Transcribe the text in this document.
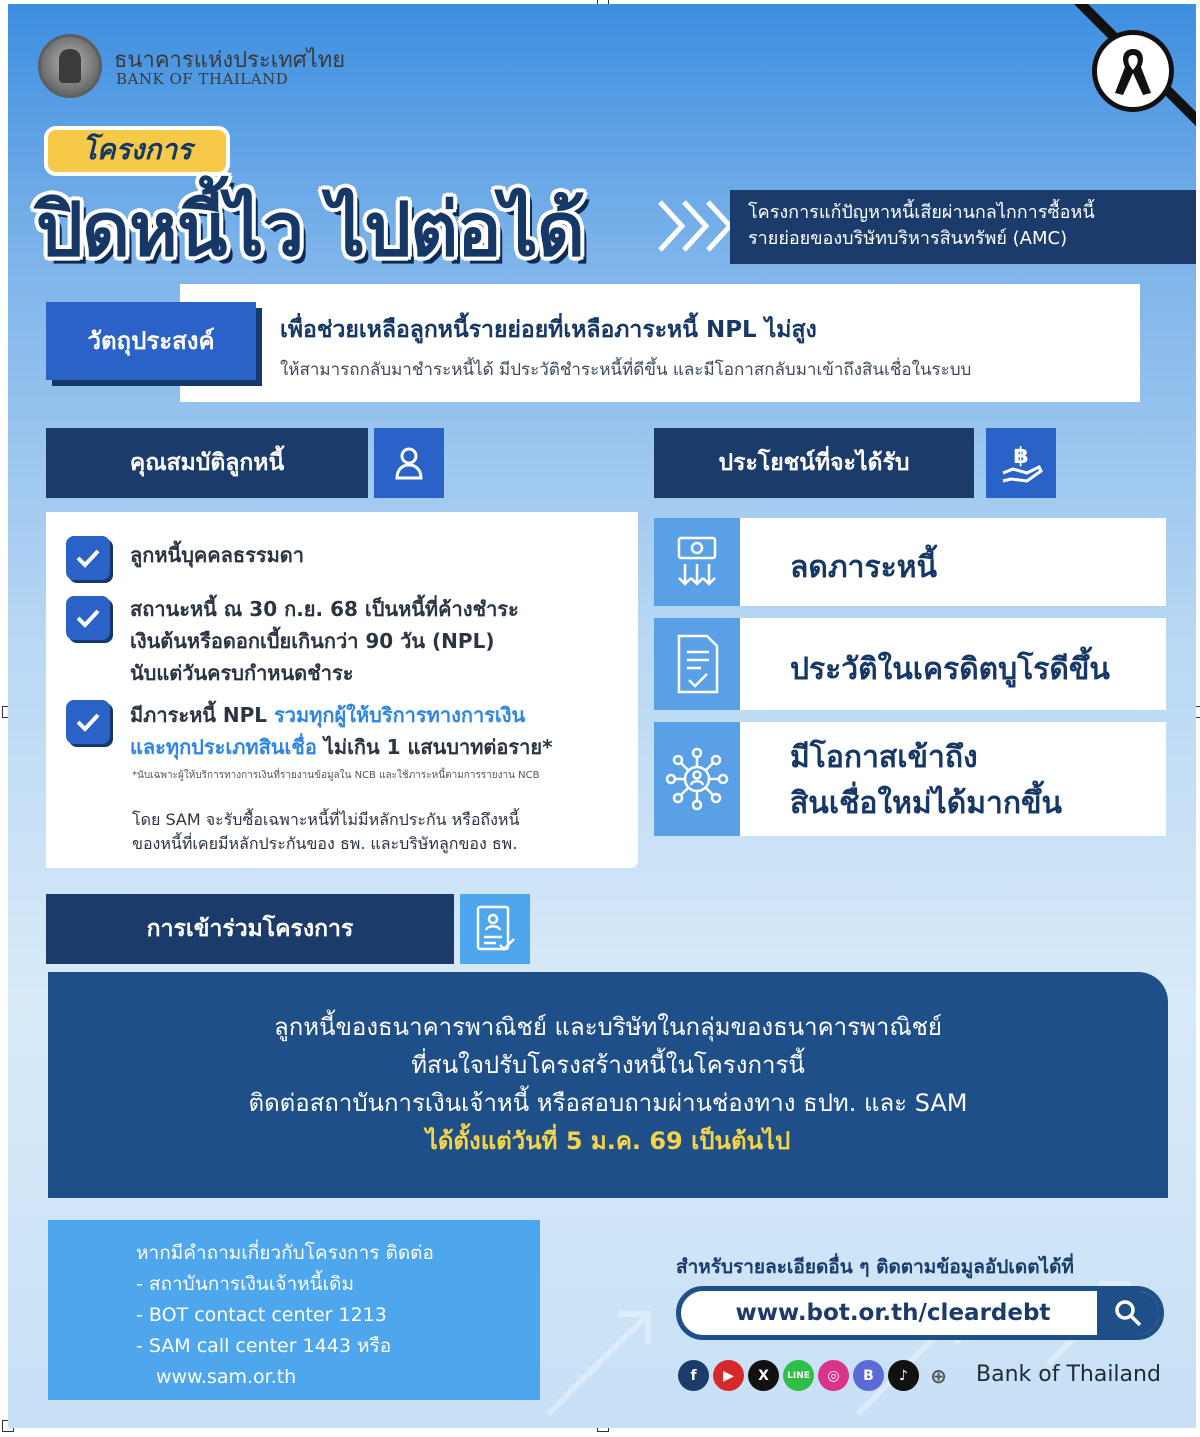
ธนาคารแห่งประเทศไทย
BANK OF THAILAND
โครงการ
ปิดหนี้ไว ไปต่อได้	โครงการแก้ปัญหาหนี้เสียผ่านกลไกการซื้อหนี้
รายย่อยของบริษัทบริหารสินทรัพย์ (AMC)
วัตถุประสงค์	เพื่อช่วยเหลือลูกหนี้รายย่อยที่เหลือภาระหนี้ NPL ไม่สูง
ให้สามารถกลับมาชำระหนี้ได้ มีประวัติชำระหนี้ที่ดีขึ้น และมีโอกาสกลับมาเข้าถึงสินเชื่อในระบบ
คุณสมบัติลูกหนี้	ประโยชน์ที่จะได้รับ	฿
ลูกหนี้บุคคลธรรมดา
สถานะหนี้ ณ 30 ก.ย. 68 เป็นหนี้ที่ค้างชำระ
เงินต้นหรือดอกเบี้ยเกินกว่า 90 วัน (NPL)
นับแต่วันครบกำหนดชำระ
มีภาระหนี้ NPL รวมทุกผู้ให้บริการทางการเงิน
และทุกประเภทสินเชื่อ ไม่เกิน 1 แสนบาทต่อราย*
*นับเฉพาะผู้ให้บริการทางการเงินที่รายงานข้อมูลใน NCB และใช้ภาระหนี้ตามการรายงาน NCB
โดย SAM จะรับซื้อเฉพาะหนี้ที่ไม่มีหลักประกัน หรือถึงหนี้
ของหนี้ที่เคยมีหลักประกันของ ธพ. และบริษัทลูกของ ธพ.
ลดภาระหนี้
ประวัติในเครดิตบูโรดีขึ้น
มีโอกาสเข้าถึง
สินเชื่อใหม่ได้มากขึ้น
การเข้าร่วมโครงการ
ลูกหนี้ของธนาคารพาณิชย์ และบริษัทในกลุ่มของธนาคารพาณิชย์
ที่สนใจปรับโครงสร้างหนี้ในโครงการนี้
ติดต่อสถาบันการเงินเจ้าหนี้ หรือสอบถามผ่านช่องทาง ธปท. และ SAM
ได้ตั้งแต่วันที่ 5 ม.ค. 69 เป็นต้นไป
หากมีคำถามเกี่ยวกับโครงการ ติดต่อ
- สถาบันการเงินเจ้าหนี้เดิม
- BOT contact center 1213
- SAM call center 1443 หรือ
www.sam.or.th
สำหรับรายละเอียดอื่น ๆ ติดตามข้อมูลอัปเดตได้ที่
www.bot.or.th/cleardebt
f	▶	X	LINE	◎	B	♪	⊕	Bank of Thailand
